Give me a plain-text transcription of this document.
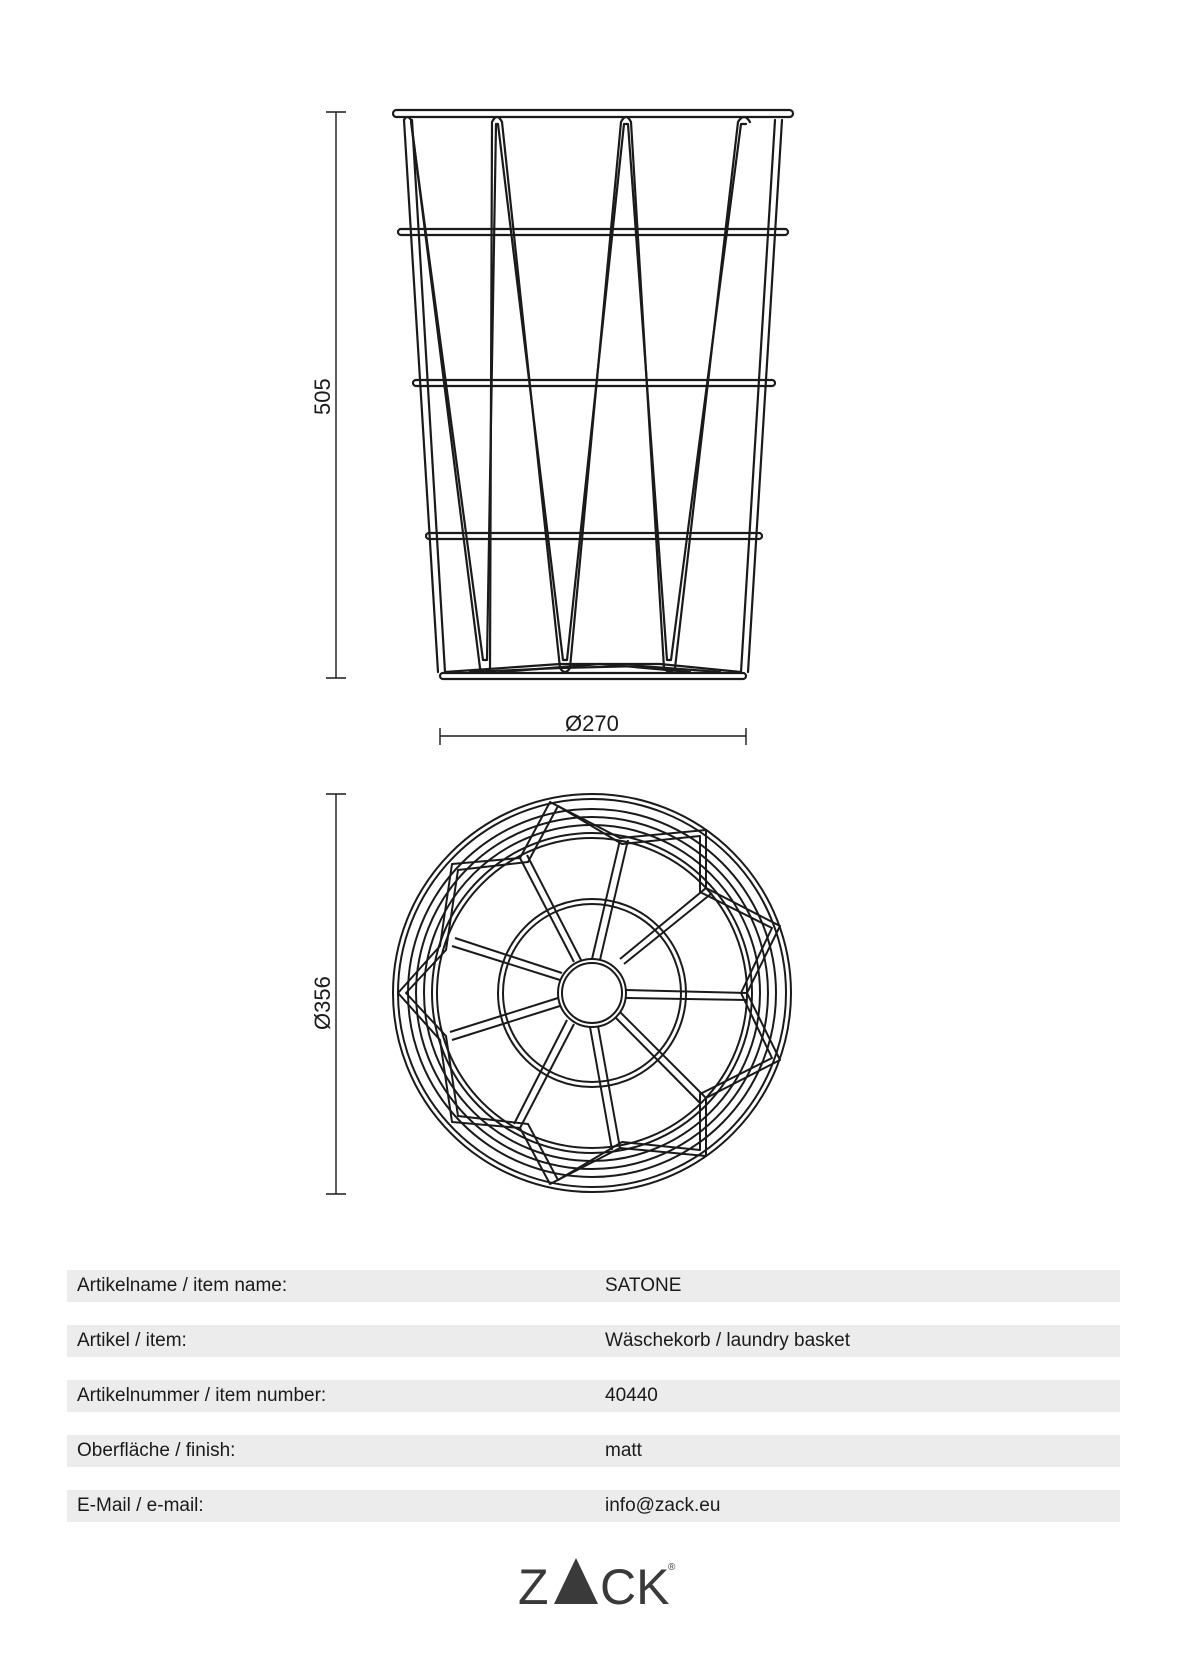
505
Ø270
Ø356
Artikelname / item name:	SATONE
Artikel / item:	Wäschekorb / laundry basket
Artikelnummer / item number:	40440
Oberfläche / finish:	matt
E-Mail / e-mail:	info@zack.eu
Z CK
®
